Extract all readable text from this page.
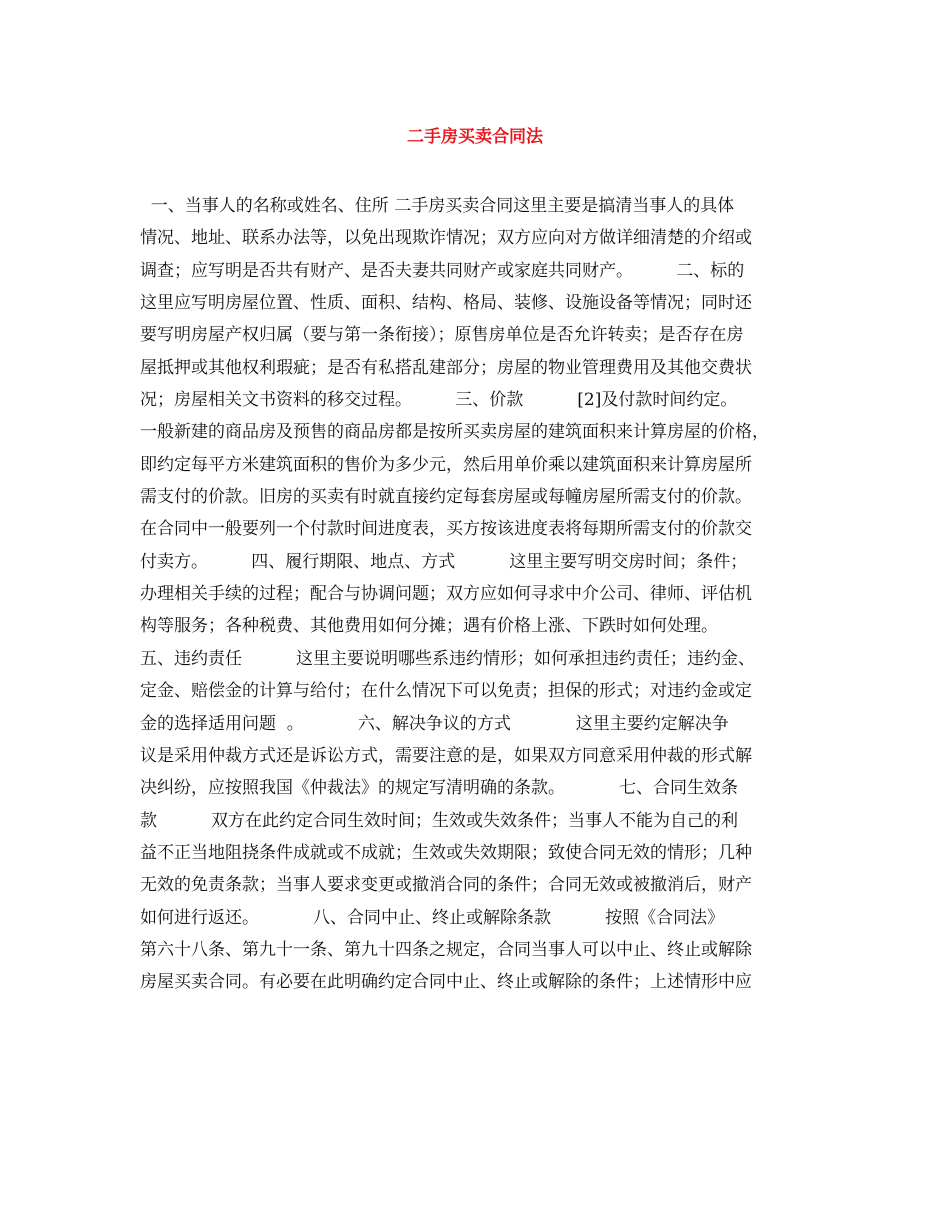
二手房买卖合同法
一、当事人的名称或姓名、住所 二手房买卖合同这里主要是搞清当事人的具体
情况、地址、联系办法等，以免出现欺诈情况；双方应向对方做详细清楚的介绍或
调查；应写明是否共有财产、是否夫妻共同财产或家庭共同财产。        二、标的
这里应写明房屋位置、性质、面积、结构、格局、装修、设施设备等情况；同时还
要写明房屋产权归属（要与第一条衔接）；原售房单位是否允许转卖；是否存在房
屋抵押或其他权利瑕疵；是否有私搭乱建部分；房屋的物业管理费用及其他交费状
况；房屋相关文书资料的移交过程。        三、价款          [2]及付款时间约定。
一般新建的商品房及预售的商品房都是按所买卖房屋的建筑面积来计算房屋的价格，
即约定每平方米建筑面积的售价为多少元，然后用单价乘以建筑面积来计算房屋所
需支付的价款。旧房的买卖有时就直接约定每套房屋或每幢房屋所需支付的价款。
在合同中一般要列一个付款时间进度表，买方按该进度表将每期所需支付的价款交
付卖方。        四、履行期限、地点、方式          这里主要写明交房时间；条件；
办理相关手续的过程；配合与协调问题；双方应如何寻求中介公司、律师、评估机
构等服务；各种税费、其他费用如何分摊；遇有价格上涨、下跌时如何处理。
五、违约责任          这里主要说明哪些系违约情形；如何承担违约责任；违约金、
定金、赔偿金的计算与给付；在什么情况下可以免责；担保的形式；对违约金或定
金的选择适用问题  。          六、解决争议的方式            这里主要约定解决争
议是采用仲裁方式还是诉讼方式，需要注意的是，如果双方同意采用仲裁的形式解
决纠纷，应按照我国《仲裁法》的规定写清明确的条款。          七、合同生效条
款          双方在此约定合同生效时间；生效或失效条件；当事人不能为自己的利
益不正当地阻挠条件成就或不成就；生效或失效期限；致使合同无效的情形；几种
无效的免责条款；当事人要求变更或撤消合同的条件；合同无效或被撤消后，财产
如何进行返还。          八、合同中止、终止或解除条款          按照《合同法》
第六十八条、第九十一条、第九十四条之规定，合同当事人可以中止、终止或解除
房屋买卖合同。有必要在此明确约定合同中止、终止或解除的条件；上述情形中应
